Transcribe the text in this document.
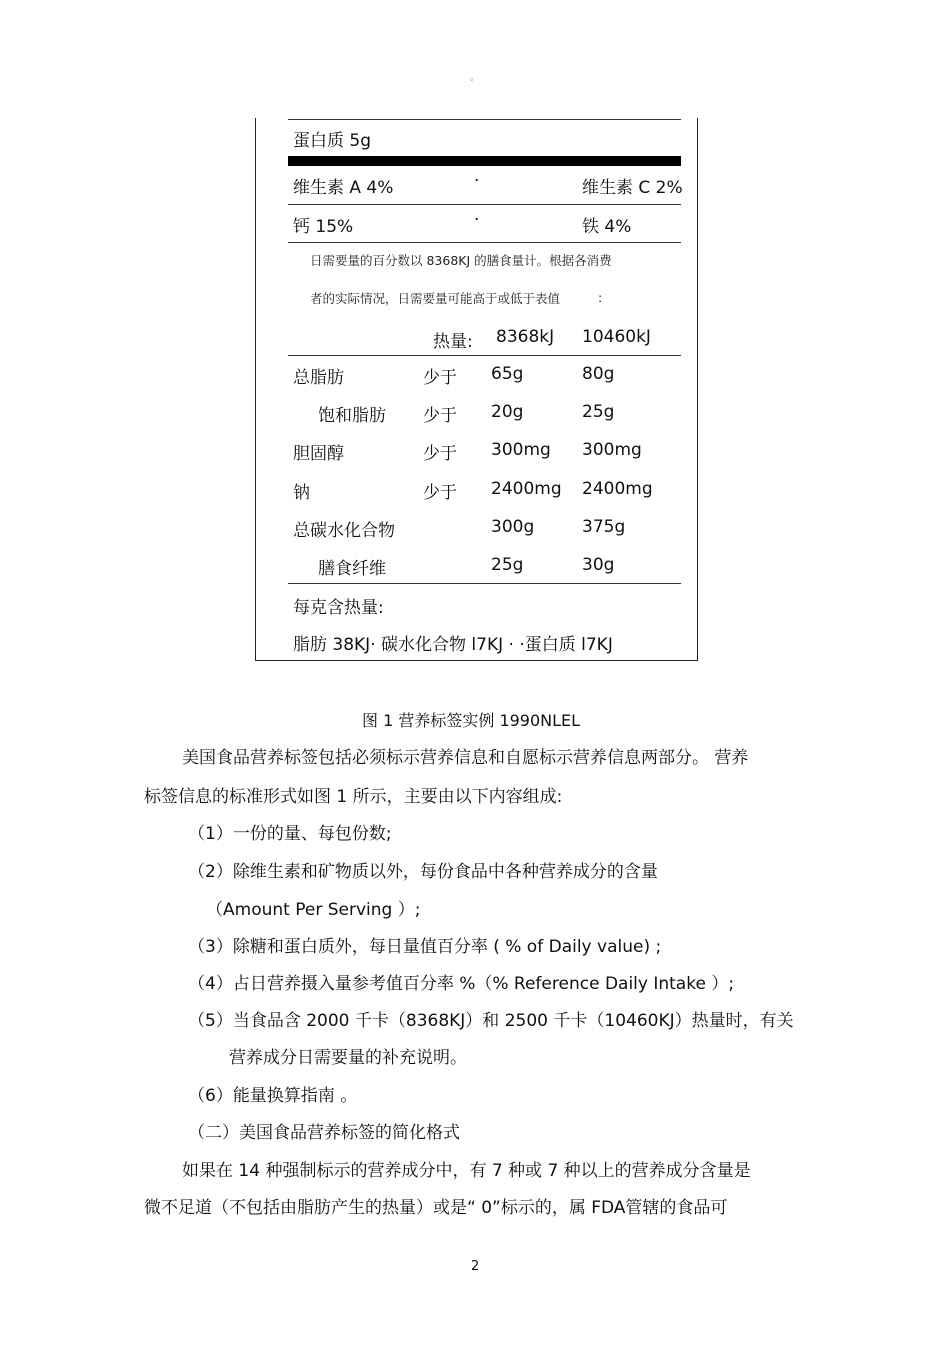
。
蛋白质 5g
维生素 A 4%	·	维生素 C 2%
钙 15%	·	铁 4%
日需要量的百分数以 8368KJ 的膳食量计。根据各消费
者的实际情况，日需要量可能高于或低于表值	:
热量: 8368kJ 10460kJ
总脂肪	少于 65g	80g
饱和脂肪 少于 20g	25g
胆固醇	少于 300mg 300mg
钠	少于 2400mg 2400mg
总碳水化合物	300g	375g
膳食纤维	25g	30g
每克含热量:
脂肪 38KJ· 碳水化合物 l7KJ · ·蛋白质 l7KJ
图 1 营养标签实例 1990NLEL
美国食品营养标签包括必须标示营养信息和自愿标示营养信息两部分。 营养
标签信息的标准形式如图 1 所示，主要由以下内容组成:
（1）一份的量、每包份数;
（2）除维生素和矿物质以外，每份食品中各种营养成分的含量
（Amount Per Serving ）;
（3）除糖和蛋白质外，每日量值百分率 ( % of Daily value) ;
（4）占日营养摄入量参考值百分率 %（% Reference Daily Intake ）;
（5）当食品含 2000 千卡（8368KJ）和 2500 千卡（10460KJ）热量时，有关
营养成分日需要量的补充说明。
（6）能量换算指南 。
（二）美国食品营养标签的简化格式
如果在 14 种强制标示的营养成分中，有 7 种或 7 种以上的营养成分含量是
微不足道（不包括由脂肪产生的热量）或是“ 0”标示的，属 FDA管辖的食品可
2
